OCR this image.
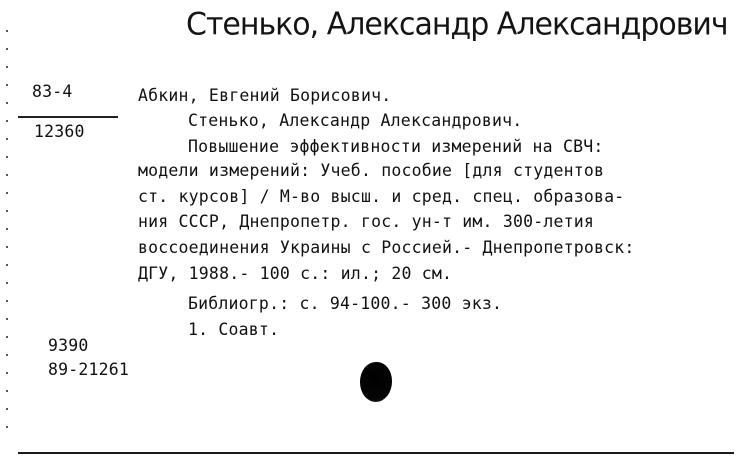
Стенько, Александр Александрович
83-4
12360
Абкин, Евгений Борисович.
Стенько, Александр Александрович.
Повышение эффективности измерений на СВЧ:
модели измерений: Учеб. пособие [для студентов
ст. курсов] / М-во высш. и сред. спец. образова-
ния СССР, Днепропетр. гос. ун-т им. 300-летия
воссоединения Украины с Россией.- Днепропетровск:
ДГУ, 1988.- 100 с.: ил.; 20 см.
Библиогр.: с. 94-100.- 300 экз.
1. Соавт.
9390
89-21261
